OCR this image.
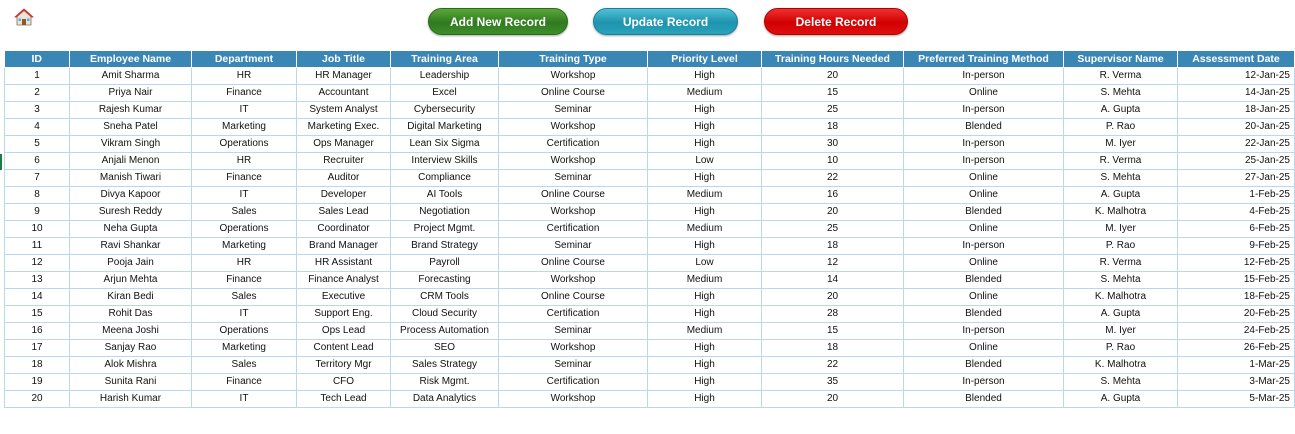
Add New Record	Update Record	Delete Record
ID	Employee Name	Department	Job Title	Training Area	Training Type	Priority Level	Training Hours Needed	Preferred Training Method	Supervisor Name	Assessment Date
1	Amit Sharma	HR	HR Manager	Leadership	Workshop	High	20	In-person	R. Verma	12-Jan-25
2	Priya Nair	Finance	Accountant	Excel	Online Course	Medium	15	Online	S. Mehta	14-Jan-25
3	Rajesh Kumar	IT	System Analyst	Cybersecurity	Seminar	High	25	In-person	A. Gupta	18-Jan-25
4	Sneha Patel	Marketing	Marketing Exec.	Digital Marketing	Workshop	High	18	Blended	P. Rao	20-Jan-25
5	Vikram Singh	Operations	Ops Manager	Lean Six Sigma	Certification	High	30	In-person	M. Iyer	22-Jan-25
6	Anjali Menon	HR	Recruiter	Interview Skills	Workshop	Low	10	In-person	R. Verma	25-Jan-25
7	Manish Tiwari	Finance	Auditor	Compliance	Seminar	High	22	Online	S. Mehta	27-Jan-25
8	Divya Kapoor	IT	Developer	AI Tools	Online Course	Medium	16	Online	A. Gupta	1-Feb-25
9	Suresh Reddy	Sales	Sales Lead	Negotiation	Workshop	High	20	Blended	K. Malhotra	4-Feb-25
10	Neha Gupta	Operations	Coordinator	Project Mgmt.	Certification	Medium	25	Online	M. Iyer	6-Feb-25
11	Ravi Shankar	Marketing	Brand Manager	Brand Strategy	Seminar	High	18	In-person	P. Rao	9-Feb-25
12	Pooja Jain	HR	HR Assistant	Payroll	Online Course	Low	12	Online	R. Verma	12-Feb-25
13	Arjun Mehta	Finance	Finance Analyst	Forecasting	Workshop	Medium	14	Blended	S. Mehta	15-Feb-25
14	Kiran Bedi	Sales	Executive	CRM Tools	Online Course	High	20	Online	K. Malhotra	18-Feb-25
15	Rohit Das	IT	Support Eng.	Cloud Security	Certification	High	28	Blended	A. Gupta	20-Feb-25
16	Meena Joshi	Operations	Ops Lead	Process Automation	Seminar	Medium	15	In-person	M. Iyer	24-Feb-25
17	Sanjay Rao	Marketing	Content Lead	SEO	Workshop	High	18	Online	P. Rao	26-Feb-25
18	Alok Mishra	Sales	Territory Mgr	Sales Strategy	Seminar	High	22	Blended	K. Malhotra	1-Mar-25
19	Sunita Rani	Finance	CFO	Risk Mgmt.	Certification	High	35	In-person	S. Mehta	3-Mar-25
20	Harish Kumar	IT	Tech Lead	Data Analytics	Workshop	High	20	Blended	A. Gupta	5-Mar-25
